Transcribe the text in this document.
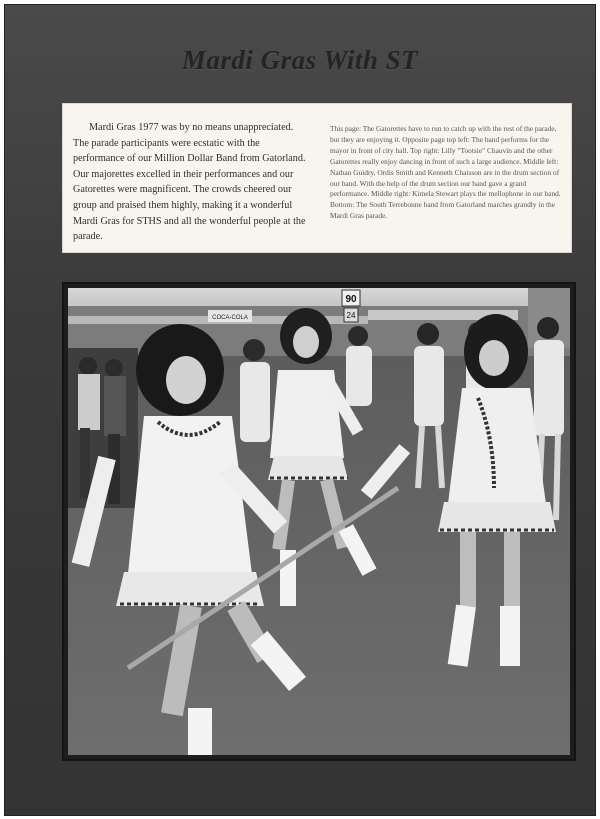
Mardi Gras With ST

Mardi Gras 1977 was by no means unappreciated. The parade participants were ecstatic with the performance of our Million Dollar Band from Gatorland. Our majorettes excelled in their performances and our Gatorettes were magnificent. The crowds cheered our group and praised them highly, making it a wonderful Mardi Gras for STHS and all the wonderful people at the parade.

This page: The Gatorettes have to run to catch up with the rest of the parade, but they are enjoying it. Opposite page top left: The band performs for the mayor in front of city hall. Top right: Lilly "Tootsie" Chauvin and the other Gatorettes really enjoy dancing in front of such a large audience. Middle left: Nathan Guidry, Ordis Smith and Kenneth Chaisson are in the drum section of our band. With the help of the drum section our band gave a grand performance. Middle right: Kimela Stewart plays the mellophone in our band. Bottom: The South Terrebonne band from Gatorland marches grandly in the Mardi Gras parade.

COCA-COLA
90
24
